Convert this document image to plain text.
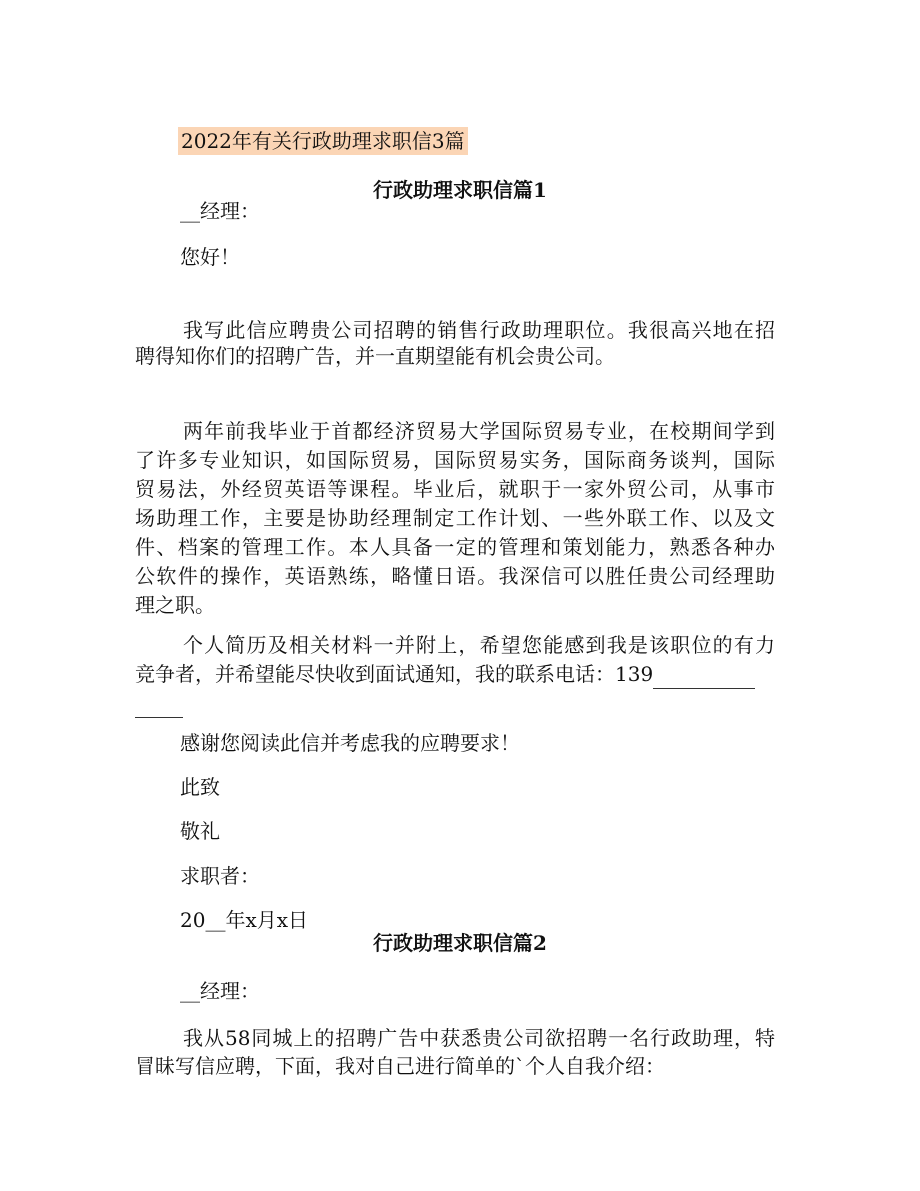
2022年有关行政助理求职信3篇
行政助理求职信篇1
__经理：
您好！
我写此信应聘贵公司招聘的销售行政助理职位。我很高兴地在招
聘得知你们的招聘广告，并一直期望能有机会贵公司。
两年前我毕业于首都经济贸易大学国际贸易专业，在校期间学到
了许多专业知识，如国际贸易，国际贸易实务，国际商务谈判，国际
贸易法，外经贸英语等课程。毕业后，就职于一家外贸公司，从事市
场助理工作，主要是协助经理制定工作计划、一些外联工作、以及文
件、档案的管理工作。本人具备一定的管理和策划能力，熟悉各种办
公软件的操作，英语熟练，略懂日语。我深信可以胜任贵公司经理助
理之职。
个人简历及相关材料一并附上，希望您能感到我是该职位的有力
竞争者，并希望能尽快收到面试通知，我的联系电话：139
感谢您阅读此信并考虑我的应聘要求！
此致
敬礼
求职者：
20__年x月x日
行政助理求职信篇2
__经理：
我从58同城上的招聘广告中获悉贵公司欲招聘一名行政助理，特
冒昧写信应聘，下面，我对自己进行简单的`个人自我介绍：
